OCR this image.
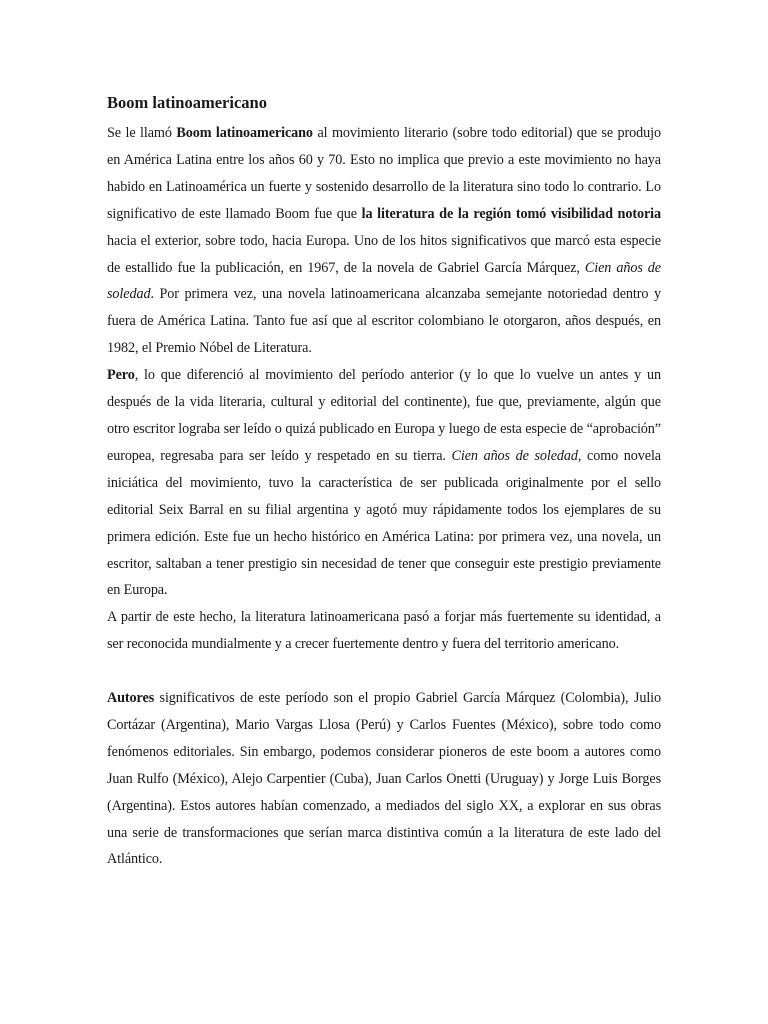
Boom latinoamericano

Se le llamó Boom latinoamericano al movimiento literario (sobre todo editorial) que se produjo en América Latina entre los años 60 y 70. Esto no implica que previo a este movimiento no haya habido en Latinoamérica un fuerte y sostenido desarrollo de la literatura sino todo lo contrario. Lo significativo de este llamado Boom fue que la literatura de la región tomó visibilidad notoria hacia el exterior, sobre todo, hacia Europa. Uno de los hitos significativos que marcó esta especie de estallido fue la publicación, en 1967, de la novela de Gabriel García Márquez, Cien años de soledad. Por primera vez, una novela latinoamericana alcanzaba semejante notoriedad dentro y fuera de América Latina. Tanto fue así que al escritor colombiano le otorgaron, años después, en 1982, el Premio Nóbel de Literatura.

Pero, lo que diferenció al movimiento del período anterior (y lo que lo vuelve un antes y un después de la vida literaria, cultural y editorial del continente), fue que, previamente, algún que otro escritor lograba ser leído o quizá publicado en Europa y luego de esta especie de “aprobación” europea, regresaba para ser leído y respetado en su tierra. Cien años de soledad, como novela iniciática del movimiento, tuvo la característica de ser publicada originalmente por el sello editorial Seix Barral en su filial argentina y agotó muy rápidamente todos los ejemplares de su primera edición. Este fue un hecho histórico en América Latina: por primera vez, una novela, un escritor, saltaban a tener prestigio sin necesidad de tener que conseguir este prestigio previamente en Europa.

A partir de este hecho, la literatura latinoamericana pasó a forjar más fuertemente su identidad, a ser reconocida mundialmente y a crecer fuertemente dentro y fuera del territorio americano.

Autores significativos de este período son el propio Gabriel García Márquez (Colombia), Julio Cortázar (Argentina), Mario Vargas Llosa (Perú) y Carlos Fuentes (México), sobre todo como fenómenos editoriales. Sin embargo, podemos considerar pioneros de este boom a autores como Juan Rulfo (México), Alejo Carpentier (Cuba), Juan Carlos Onetti (Uruguay) y Jorge Luis Borges (Argentina). Estos autores habían comenzado, a mediados del siglo XX, a explorar en sus obras una serie de transformaciones que serían marca distintiva común a la literatura de este lado del Atlántico.
